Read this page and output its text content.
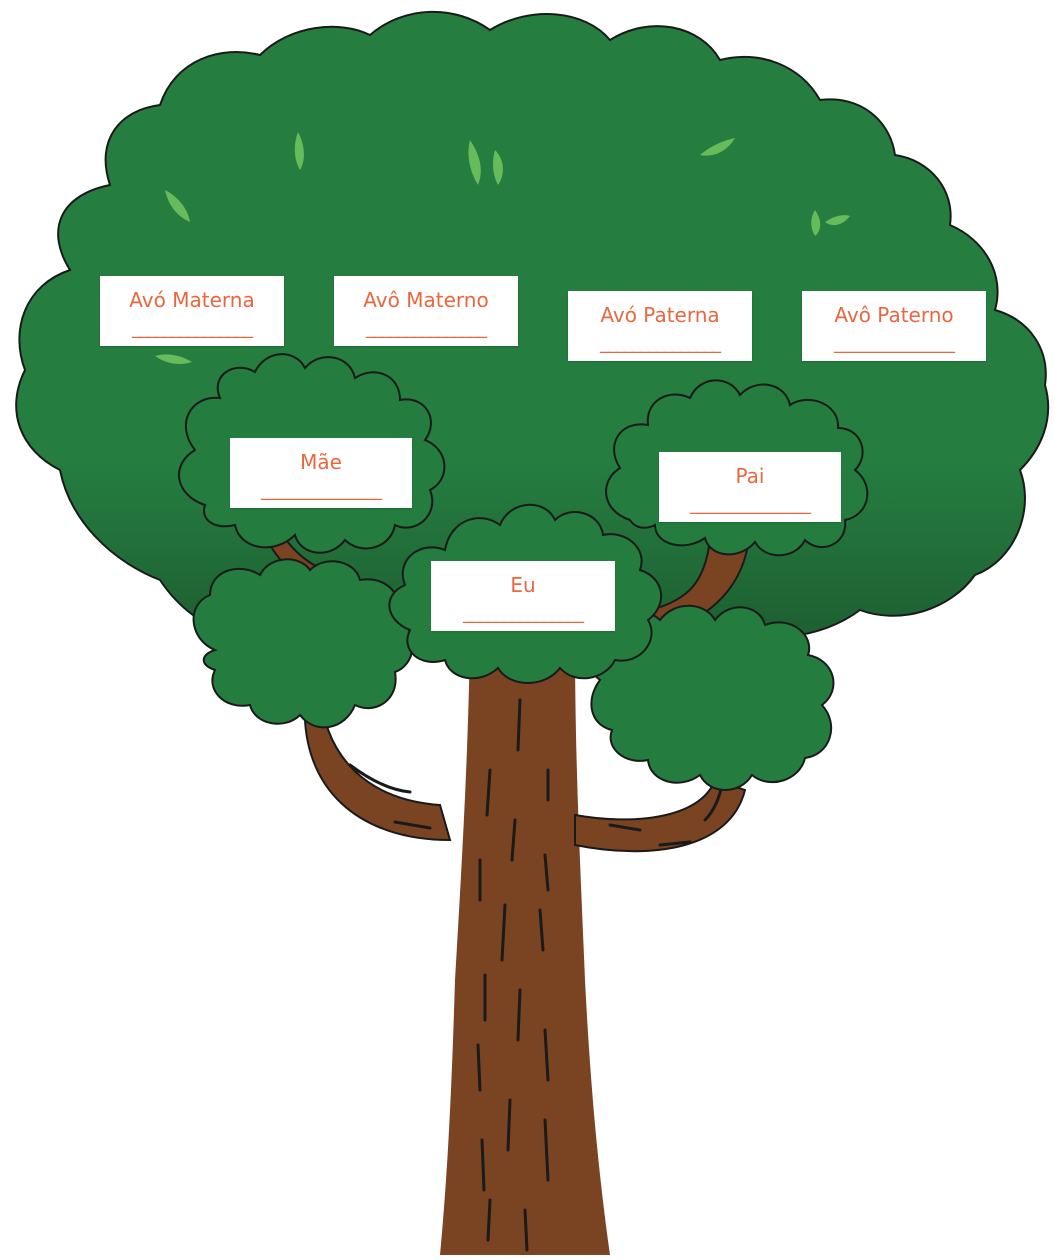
Avó Materna
_______________
Avô Materno
_______________
Avó Paterna
_______________
Avô Paterno
_______________
Mãe
_______________
Pai
_______________
Eu
_______________
